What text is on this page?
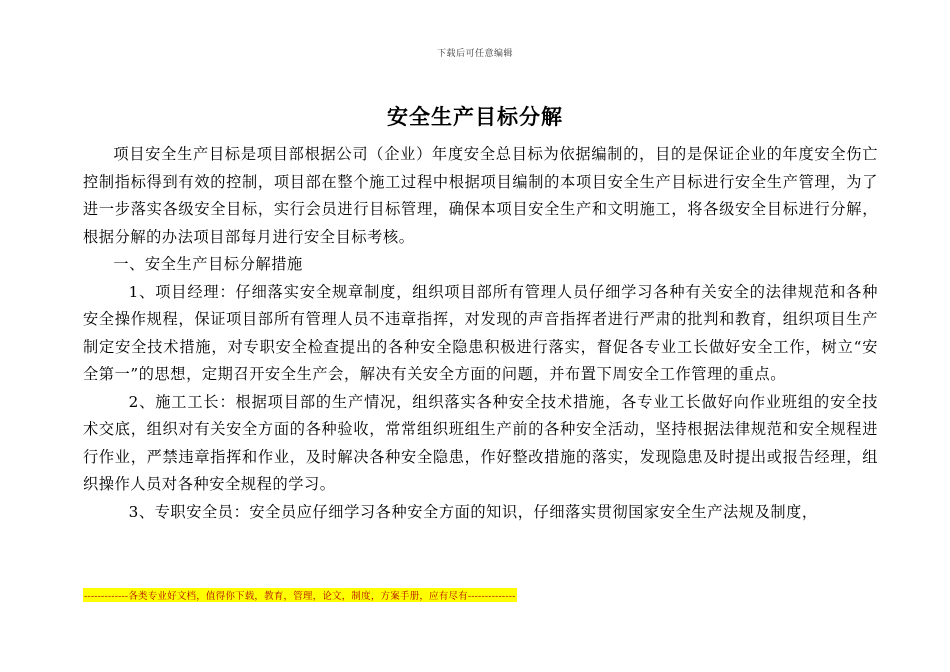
下载后可任意编辑
安全生产目标分解

项目安全生产目标是项目部根据公司（企业）年度安全总目标为依据编制的，目的是保证企业的年度安全伤亡控制指标得到有效的控制，项目部在整个施工过程中根据项目编制的本项目安全生产目标进行安全生产管理，为了进一步落实各级安全目标，实行会员进行目标管理，确保本项目安全生产和文明施工，将各级安全目标进行分解，根据分解的办法项目部每月进行安全目标考核。

一、安全生产目标分解措施

1、项目经理：仔细落实安全规章制度，组织项目部所有管理人员仔细学习各种有关安全的法律规范和各种安全操作规程，保证项目部所有管理人员不违章指挥，对发现的声音指挥者进行严肃的批判和教育，组织项目生产制定安全技术措施，对专职安全检查提出的各种安全隐患积极进行落实，督促各专业工长做好安全工作，树立“安全第一”的思想，定期召开安全生产会，解决有关安全方面的问题，并布置下周安全工作管理的重点。

2、施工工长：根据项目部的生产情况，组织落实各种安全技术措施，各专业工长做好向作业班组的安全技术交底，组织对有关安全方面的各种验收，常常组织班组生产前的各种安全活动，坚持根据法律规范和安全规程进行作业，严禁违章指挥和作业，及时解决各种安全隐患，作好整改措施的落实，发现隐患及时提出或报告经理，组织操作人员对各种安全规程的学习。

3、专职安全员：安全员应仔细学习各种安全方面的知识，仔细落实贯彻国家安全生产法规及制度，

-------------各类专业好文档，值得你下载，教育，管理，论文，制度，方案手册，应有尽有--------------
